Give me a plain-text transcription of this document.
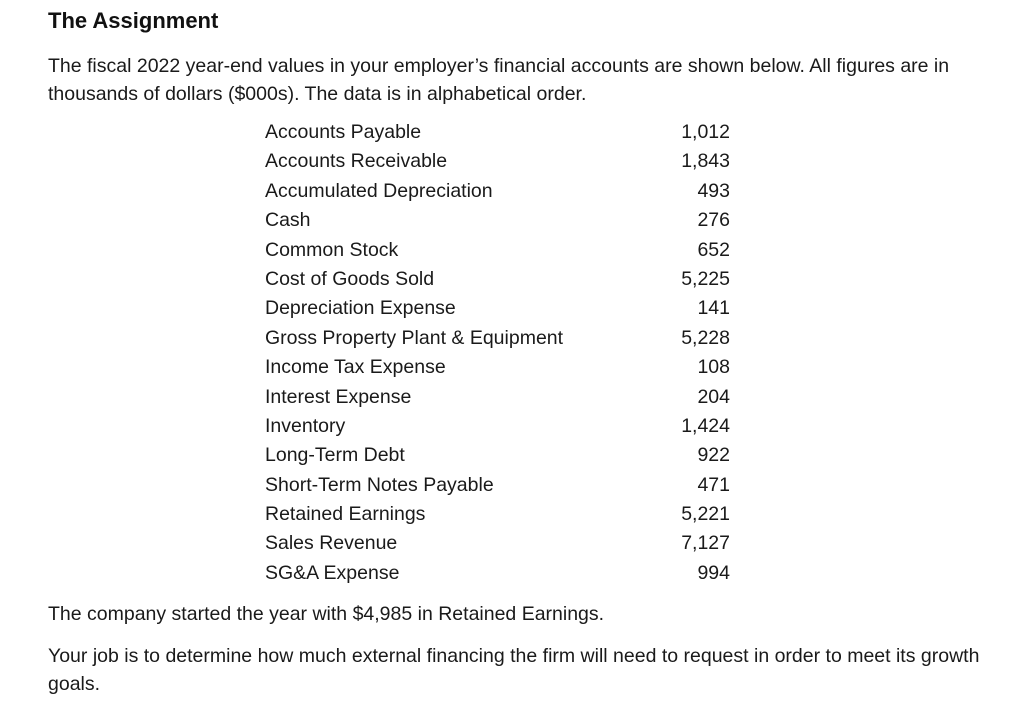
The Assignment

The fiscal 2022 year-end values in your employer’s financial accounts are shown below. All figures are in thousands of dollars ($000s). The data is in alphabetical order.

Accounts Payable	1,012
Accounts Receivable	1,843
Accumulated Depreciation	493
Cash	276
Common Stock	652
Cost of Goods Sold	5,225
Depreciation Expense	141
Gross Property Plant & Equipment	5,228
Income Tax Expense	108
Interest Expense	204
Inventory	1,424
Long-Term Debt	922
Short-Term Notes Payable	471
Retained Earnings	5,221
Sales Revenue	7,127
SG&A Expense	994

The company started the year with $4,985 in Retained Earnings.

Your job is to determine how much external financing the firm will need to request in order to meet its growth goals.
